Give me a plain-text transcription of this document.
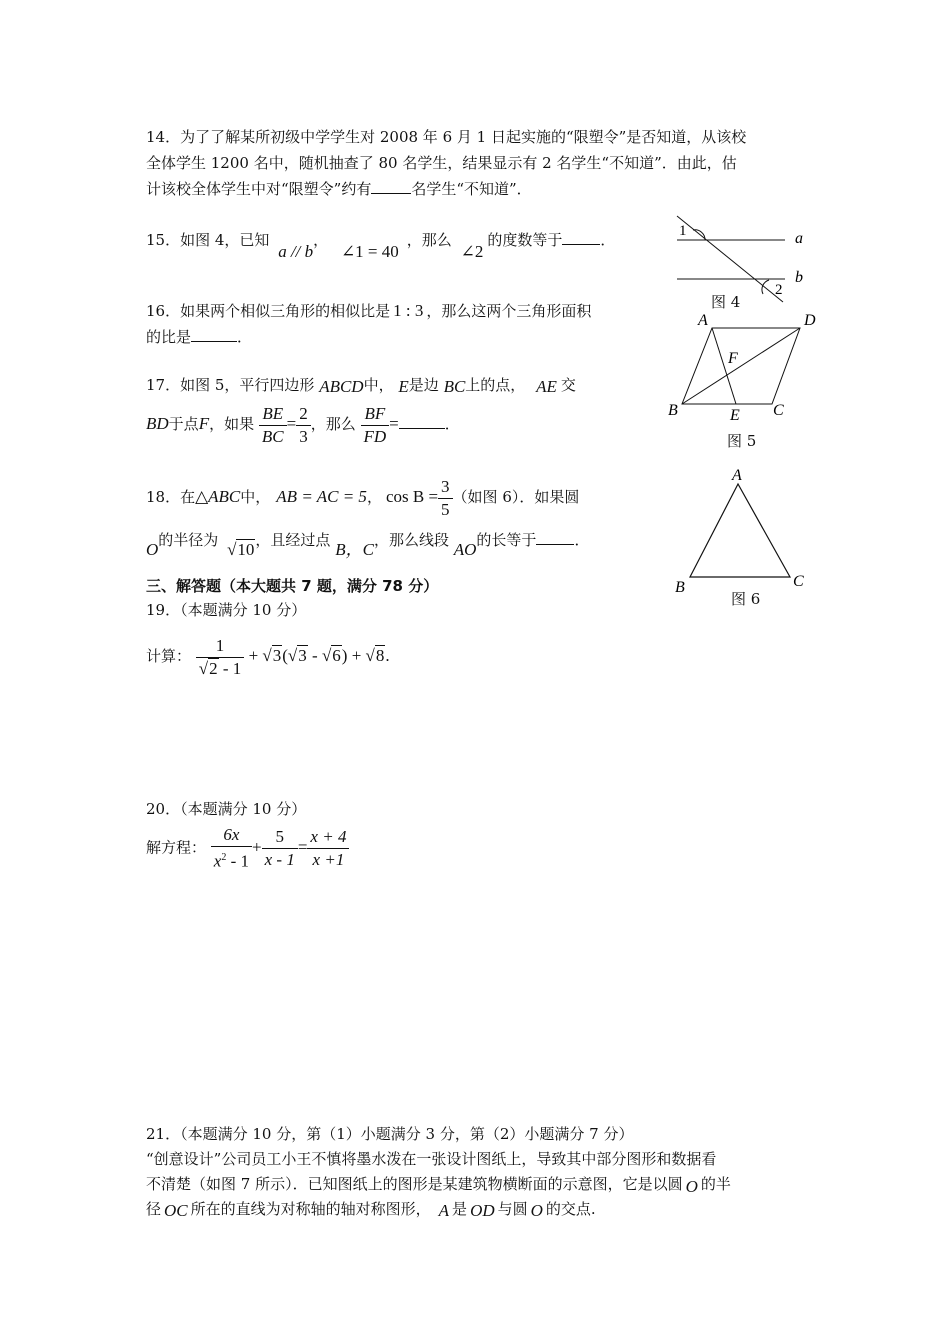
14．为了了解某所初级中学学生对 2008 年 6 月 1 日起实施的“限塑令”是否知道，从该校
全体学生 1200 名中，随机抽查了 80 名学生，结果显示有 2 名学生“不知道”．由此，估
计该校全体学生中对“限塑令”约有	名学生“不知道”．
15．如图 4，已知 a // b， ∠1 = 40，那么 ∠2的度数等于	．
16．如果两个相似三角形的相似比是 1 : 3 ，那么这两个三角形面积
的比是	．
17．如图 5，平行四边形 ABCD中， E是边 BC上的点， AE 交
BD于点F，如果 $\frac{BE}{BC} = \frac{2}{3}$ ，那么 $\frac{BF}{FD}$ =	．
18．在△ABC中， AB = AC = 5， $\cos B = \frac{3}{5}$ （如图 6）．如果圆
O的半径为 √10，且经过点 B，C，那么线段 AO的长等于	．
三、解答题（本大题共 7 题，满分 78 分）
19．（本题满分 10 分）
计算： $\frac{1}{√2 - 1} + √3(√3 - √6) + √8$.
20．（本题满分 10 分）
解方程： $\frac{6x}{x^2 - 1} + \frac{5}{x - 1} = \frac{x + 4}{x +1}$
21．（本题满分 10 分，第（1）小题满分 3 分，第（2）小题满分 7 分）
“创意设计”公司员工小王不慎将墨水泼在一张设计图纸上，导致其中部分图形和数据看
不清楚（如图 7 所示）．已知图纸上的图形是某建筑物横断面的示意图，它是以圆 O 的半
径 OC 所在的直线为对称轴的轴对称图形， A 是 OD 与圆 O 的交点.
1
2
a
b
图 4
A	D
F
B	E C
图 5
A
B	C
图 6
